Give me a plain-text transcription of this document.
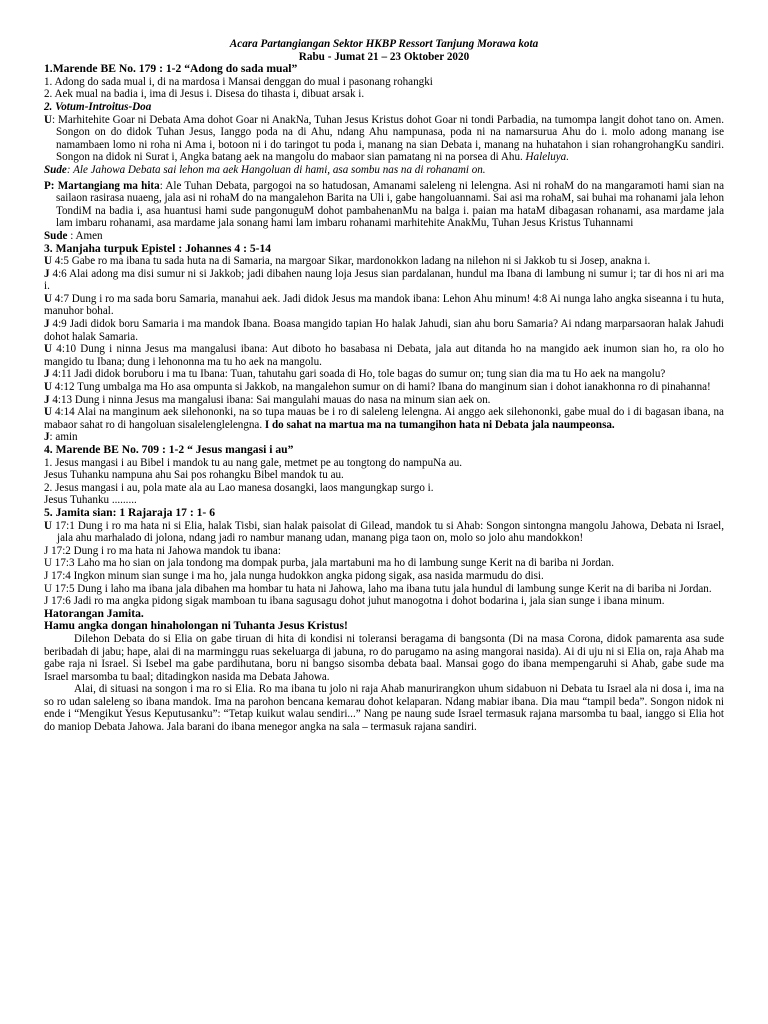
Acara Partangiangan Sektor HKBP Ressort Tanjung Morawa kota
Rabu - Jumat 21 – 23 Oktober 2020

1.Marende BE No. 179 : 1-2 “Adong do sada mual”

1. Adong do sada mual i, di na mardosa i Mansai denggan do mual i pasonang rohangki

2. Aek mual na badia i, ima di Jesus i. Disesa do tihasta i, dibuat arsak i.

2. Votum-Introitus-Doa

U: Marhitehite Goar ni Debata Ama dohot Goar ni AnakNa, Tuhan Jesus Kristus dohot Goar ni tondi Parbadia, na tumompa langit dohot tano on. Amen. Songon on do didok Tuhan Jesus, Ianggo poda na di Ahu, ndang Ahu nampunasa, poda ni na namarsurua Ahu do i. molo adong manang ise namambaen lomo ni roha ni Ama i, botoon ni i do taringot tu poda i, manang na sian Debata i, manang na huhatahon i sian rohangrohangKu sandiri. Songon na didok ni Surat i, Angka batang aek na mangolu do mabaor sian pamatang ni na porsea di Ahu. Haleluya.

Sude: Ale Jahowa Debata sai lehon ma aek Hangoluan di hami, asa sombu nas na di rohanami on.

P: Martangiang ma hita: Ale Tuhan Debata, pargogoi na so hatudosan, Amanami saleleng ni lelengna. Asi ni rohaM do na mangaramoti hami sian na sailaon rasirasa nuaeng, jala asi ni rohaM do na mangalehon Barita na Uli i, gabe hangoluannami. Sai asi ma rohaM, sai buhai ma rohanami jala lehon TondiM na badia i, asa huantusi hami sude pangonuguM dohot pambahenanMu na balga i. paian ma hataM dibagasan rohanami, asa mardame jala lam imbaru rohanami, asa mardame jala sonang hami lam imbaru rohanami marhitehite AnakMu, Tuhan Jesus Kristus Tuhannami

Sude : Amen

3. Manjaha turpuk Epistel : Johannes 4 : 5-14

U 4:5 Gabe ro ma ibana tu sada huta na di Samaria, na margoar Sikar, mardonokkon ladang na nilehon ni si Jakkob tu si Josep, anakna i.

J 4:6 Alai adong ma disi sumur ni si Jakkob; jadi dibahen naung loja Jesus sian pardalanan, hundul ma Ibana di lambung ni sumur i; tar di hos ni ari ma i.

U 4:7 Dung i ro ma sada boru Samaria, manahui aek. Jadi didok Jesus ma mandok ibana: Lehon Ahu minum! 4:8 Ai nunga laho angka siseanna i tu huta, manuhor bohal.

J 4:9 Jadi didok boru Samaria i ma mandok Ibana. Boasa mangido tapian Ho halak Jahudi, sian ahu boru Samaria? Ai ndang marparsaoran halak Jahudi dohot halak Samaria.

U 4:10 Dung i ninna Jesus ma mangalusi ibana: Aut diboto ho basabasa ni Debata, jala aut ditanda ho na mangido aek inumon sian ho, ra olo ho mangido tu Ibana; dung i lehononna ma tu ho aek na mangolu.

J 4:11 Jadi didok boruboru i ma tu Ibana: Tuan, tahutahu gari soada di Ho, tole bagas do sumur on; tung sian dia ma tu Ho aek na mangolu?

U 4:12 Tung umbalga ma Ho asa ompunta si Jakkob, na mangalehon sumur on di hami? Ibana do manginum sian i dohot ianakhonna ro di pinahanna!

J 4:13 Dung i ninna Jesus ma mangalusi ibana: Sai mangulahi mauas do nasa na minum sian aek on.

U 4:14 Alai na manginum aek silehononki, na so tupa mauas be i ro di saleleng lelengna. Ai anggo aek silehononki, gabe mual do i di bagasan ibana, na mabaor sahat ro di hangoluan sisalelenglelengna. I do sahat na martua ma na tumangihon hata ni Debata jala naumpeonsa.

J: amin

4. Marende BE No. 709 : 1-2 “ Jesus mangasi i au”

1. Jesus mangasi i au Bibel i mandok tu au nang gale, metmet pe au tongtong do nampuNa au.

Jesus Tuhanku nampuna ahu Sai pos rohangku Bibel mandok tu au.

2. Jesus mangasi i au, pola mate ala au Lao manesa dosangki, laos mangungkap surgo i.

Jesus Tuhanku .........

5. Jamita sian: 1 Rajaraja 17 : 1- 6

U 17:1 Dung i ro ma hata ni si Elia, halak Tisbi, sian halak paisolat di Gilead, mandok tu si Ahab: Songon sintongna mangolu Jahowa, Debata ni Israel, jala ahu marhalado di jolona, ndang jadi ro nambur manang udan, manang piga taon on, molo so jolo ahu mandokkon!

J 17:2 Dung i ro ma hata ni Jahowa mandok tu ibana:

U 17:3 Laho ma ho sian on jala tondong ma dompak purba, jala martabuni ma ho di lambung sunge Kerit na di bariba ni Jordan.

J 17:4 Ingkon minum sian sunge i ma ho, jala nunga hudokkon angka pidong sigak, asa nasida marmudu do disi.

U 17:5 Dung i laho ma ibana jala dibahen ma hombar tu hata ni Jahowa, laho ma ibana tutu jala hundul di lambung sunge Kerit na di bariba ni Jordan.

J 17:6 Jadi ro ma angka pidong sigak mamboan tu ibana sagusagu dohot juhut manogotna i dohot bodarina i, jala sian sunge i ibana minum.

Hatorangan Jamita.

Hamu angka dongan hinaholongan ni Tuhanta Jesus Kristus!

Dilehon Debata do si Elia on gabe tiruan di hita di kondisi ni toleransi beragama di bangsonta (Di na masa Corona, didok pamarenta asa sude beribadah di jabu; hape, alai di na marminggu ruas sekeluarga di jabuna, ro do parugamo na asing mangorai nasida). Ai di uju ni si Elia on, raja Ahab ma gabe raja ni Israel. Si Isebel ma gabe pardihutana, boru ni bangso sisomba debata baal. Mansai gogo do ibana mempengaruhi si Ahab, gabe sude ma Israel marsomba tu baal; ditadingkon nasida ma Debata Jahowa.

Alai, di situasi na songon i ma ro si Elia. Ro ma ibana tu jolo ni raja Ahab manurirangkon uhum sidabuon ni Debata tu Israel ala ni dosa i, ima na so ro udan saleleng so ibana mandok. Ima na parohon bencana kemarau dohot kelaparan. Ndang mabiar ibana. Dia mau “tampil beda”. Songon nidok ni ende i “Mengikut Yesus Keputusanku”: “Tetap kuikut walau sendiri...” Nang pe naung sude Israel termasuk rajana marsomba tu baal, ianggo si Elia hot do maniop Debata Jahowa. Jala barani do ibana menegor angka na sala – termasuk rajana sandiri.
